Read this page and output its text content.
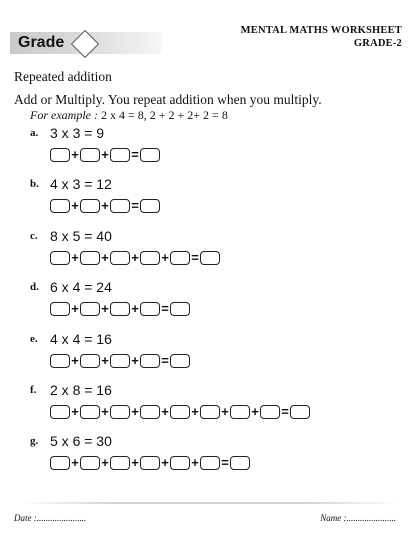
Grade
MENTAL MATHS WORKSHEET
GRADE-2
Repeated addition
Add or Multiply. You repeat addition when you multiply.
For example : 2 x 4 = 8, 2 + 2 + 2+ 2 = 8
a. 3 x 3 = 9
+ + =
b. 4 x 3 = 12
+ + =
c. 8 x 5 = 40
+ + + + =
d. 6 x 4 = 24
+ + + =
e. 4 x 4 = 16
+ + + =
f. 2 x 8 = 16
+ + + + + + + =
g. 5 x 6 = 30
+ + + + + =
Date :......................	Name :......................
